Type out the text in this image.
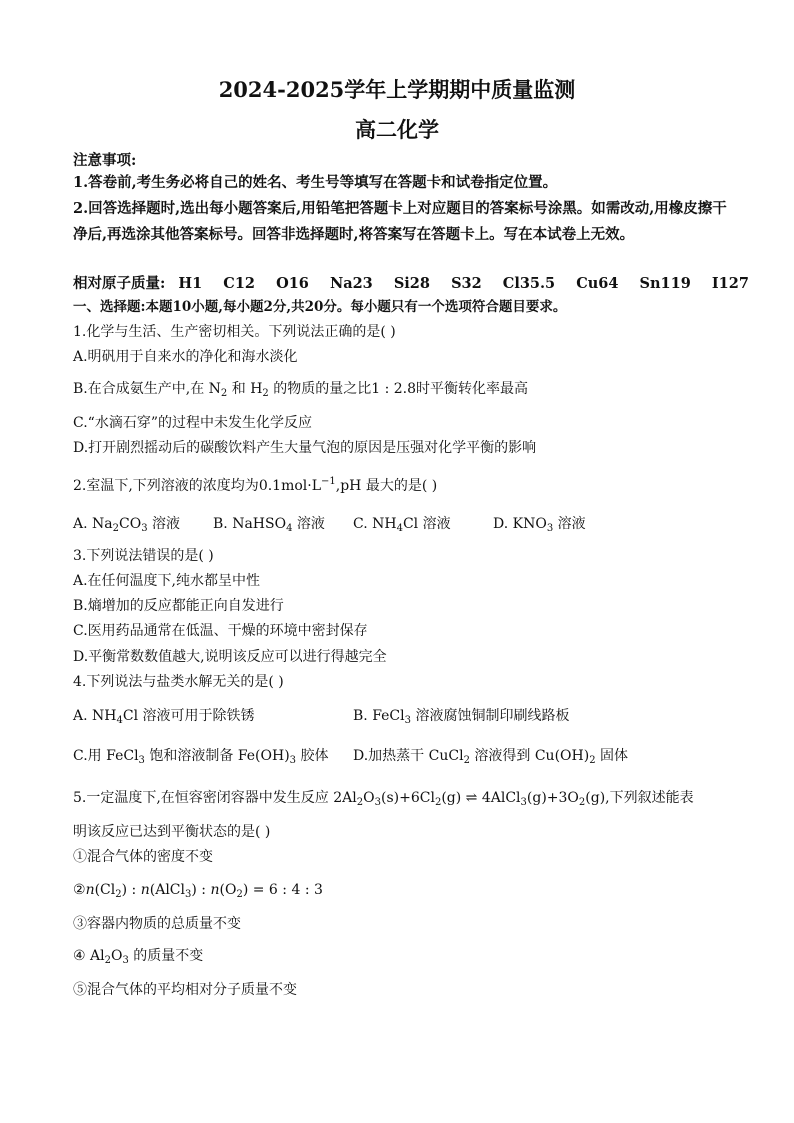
2024-2025学年上学期期中质量监测
高二化学
注意事项:
1.答卷前,考生务必将自己的姓名、考生号等填写在答题卡和试卷指定位置。
2.回答选择题时,选出每小题答案后,用铅笔把答题卡上对应题目的答案标号涂黑。如需改动,用橡皮擦干净后,再选涂其他答案标号。回答非选择题时,将答案写在答题卡上。写在本试卷上无效。
相对原子质量: H1 C12 O16 Na23 Si28 S32 Cl35.5 Cu64 Sn119 I127
一、选择题:本题10小题,每小题2分,共20分。每小题只有一个选项符合题目要求。
1.化学与生活、生产密切相关。下列说法正确的是( )
A.明矾用于自来水的净化和海水淡化
B.在合成氨生产中,在 $N_2$ 和 $H_2$ 的物质的量之比1 : 2.8时平衡转化率最高
C.“水滴石穿”的过程中未发生化学反应
D.打开剧烈摇动后的碳酸饮料产生大量气泡的原因是压强对化学平衡的影响
2.室温下,下列溶液的浓度均为$0.1mol\cdot L^{-1},pH$ 最大的是( )
A. $Na_2CO_3$ 溶液 B. NaHSO$_4$ 溶液 C. $NH_4Cl$ 溶液	D. $KNO_3$ 溶液
3.下列说法错误的是( )
A.在任何温度下,纯水都呈中性
B.熵增加的反应都能正向自发进行
C.医用药品通常在低温、干燥的环境中密封保存
D.平衡常数数值越大,说明该反应可以进行得越完全
4.下列说法与盐类水解无关的是( )
A. $NH_4Cl$ 溶液可用于除铁锈	B. FeCl$_3$ 溶液腐蚀铜制印刷线路板
C.用 FeCl$_3$ 饱和溶液制备 $Fe(OH)_3$ 胶体 D.加热蒸干 CuCl$_2$ 溶液得到 $Cu(OH)_2$ 固体
5.一定温度下,在恒容密闭容器中发生反应 $2Al_2O_3(s)+6Cl_2(g)$ ⇌ $4AlCl_3(g)+3O_2(g)$,下列叙述能表
明该反应已达到平衡状态的是( )
①混合气体的密度不变
$②n(Cl_2)$ : n(AlCl$_3$) : $n(O_2) = 6$ : 4 : 3
③容器内物质的总质量不变
④ $Al_2O_3$ 的质量不变
⑤混合气体的平均相对分子质量不变
